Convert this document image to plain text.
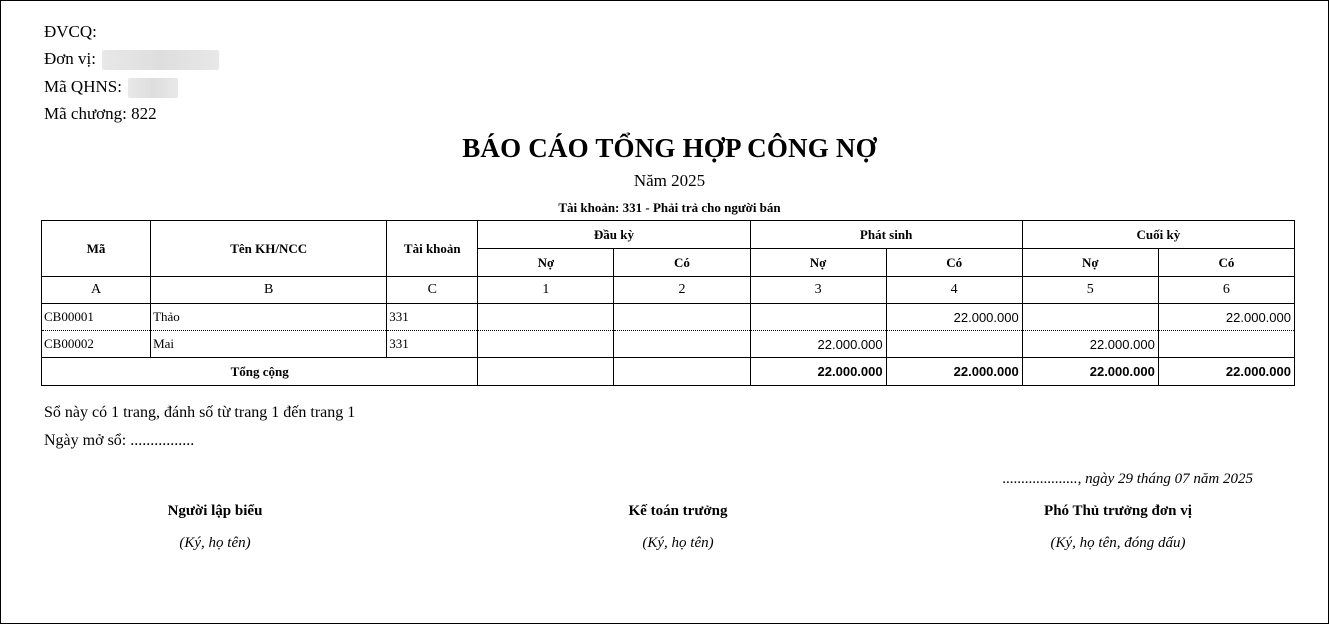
ĐVCQ:
Đơn vị:
Mã QHNS:
Mã chương: 822
BÁO CÁO TỔNG HỢP CÔNG NỢ
Năm 2025
Tài khoản: 331 - Phải trả cho người bán
Mã	Tên KH/NCC	Tài khoản	Đầu kỳ		Phát sinh		Cuối kỳ	
			Nợ	Có	Nợ	Có	Nợ	Có
A	B	C	1	2	3	4	5	6
CB00001	Thảo	331				22.000.000		22.000.000
CB00002	Mai	331			22.000.000		22.000.000	
Tổng cộng					22.000.000	22.000.000	22.000.000	22.000.000
Sổ này có 1 trang, đánh số từ trang 1 đến trang 1
Ngày mở sổ: ................
...................., ngày 29 tháng 07 năm 2025
Người lập biểu
(Ký, họ tên)
Kế toán trưởng
(Ký, họ tên)
Phó Thủ trưởng đơn vị
(Ký, họ tên, đóng dấu)
